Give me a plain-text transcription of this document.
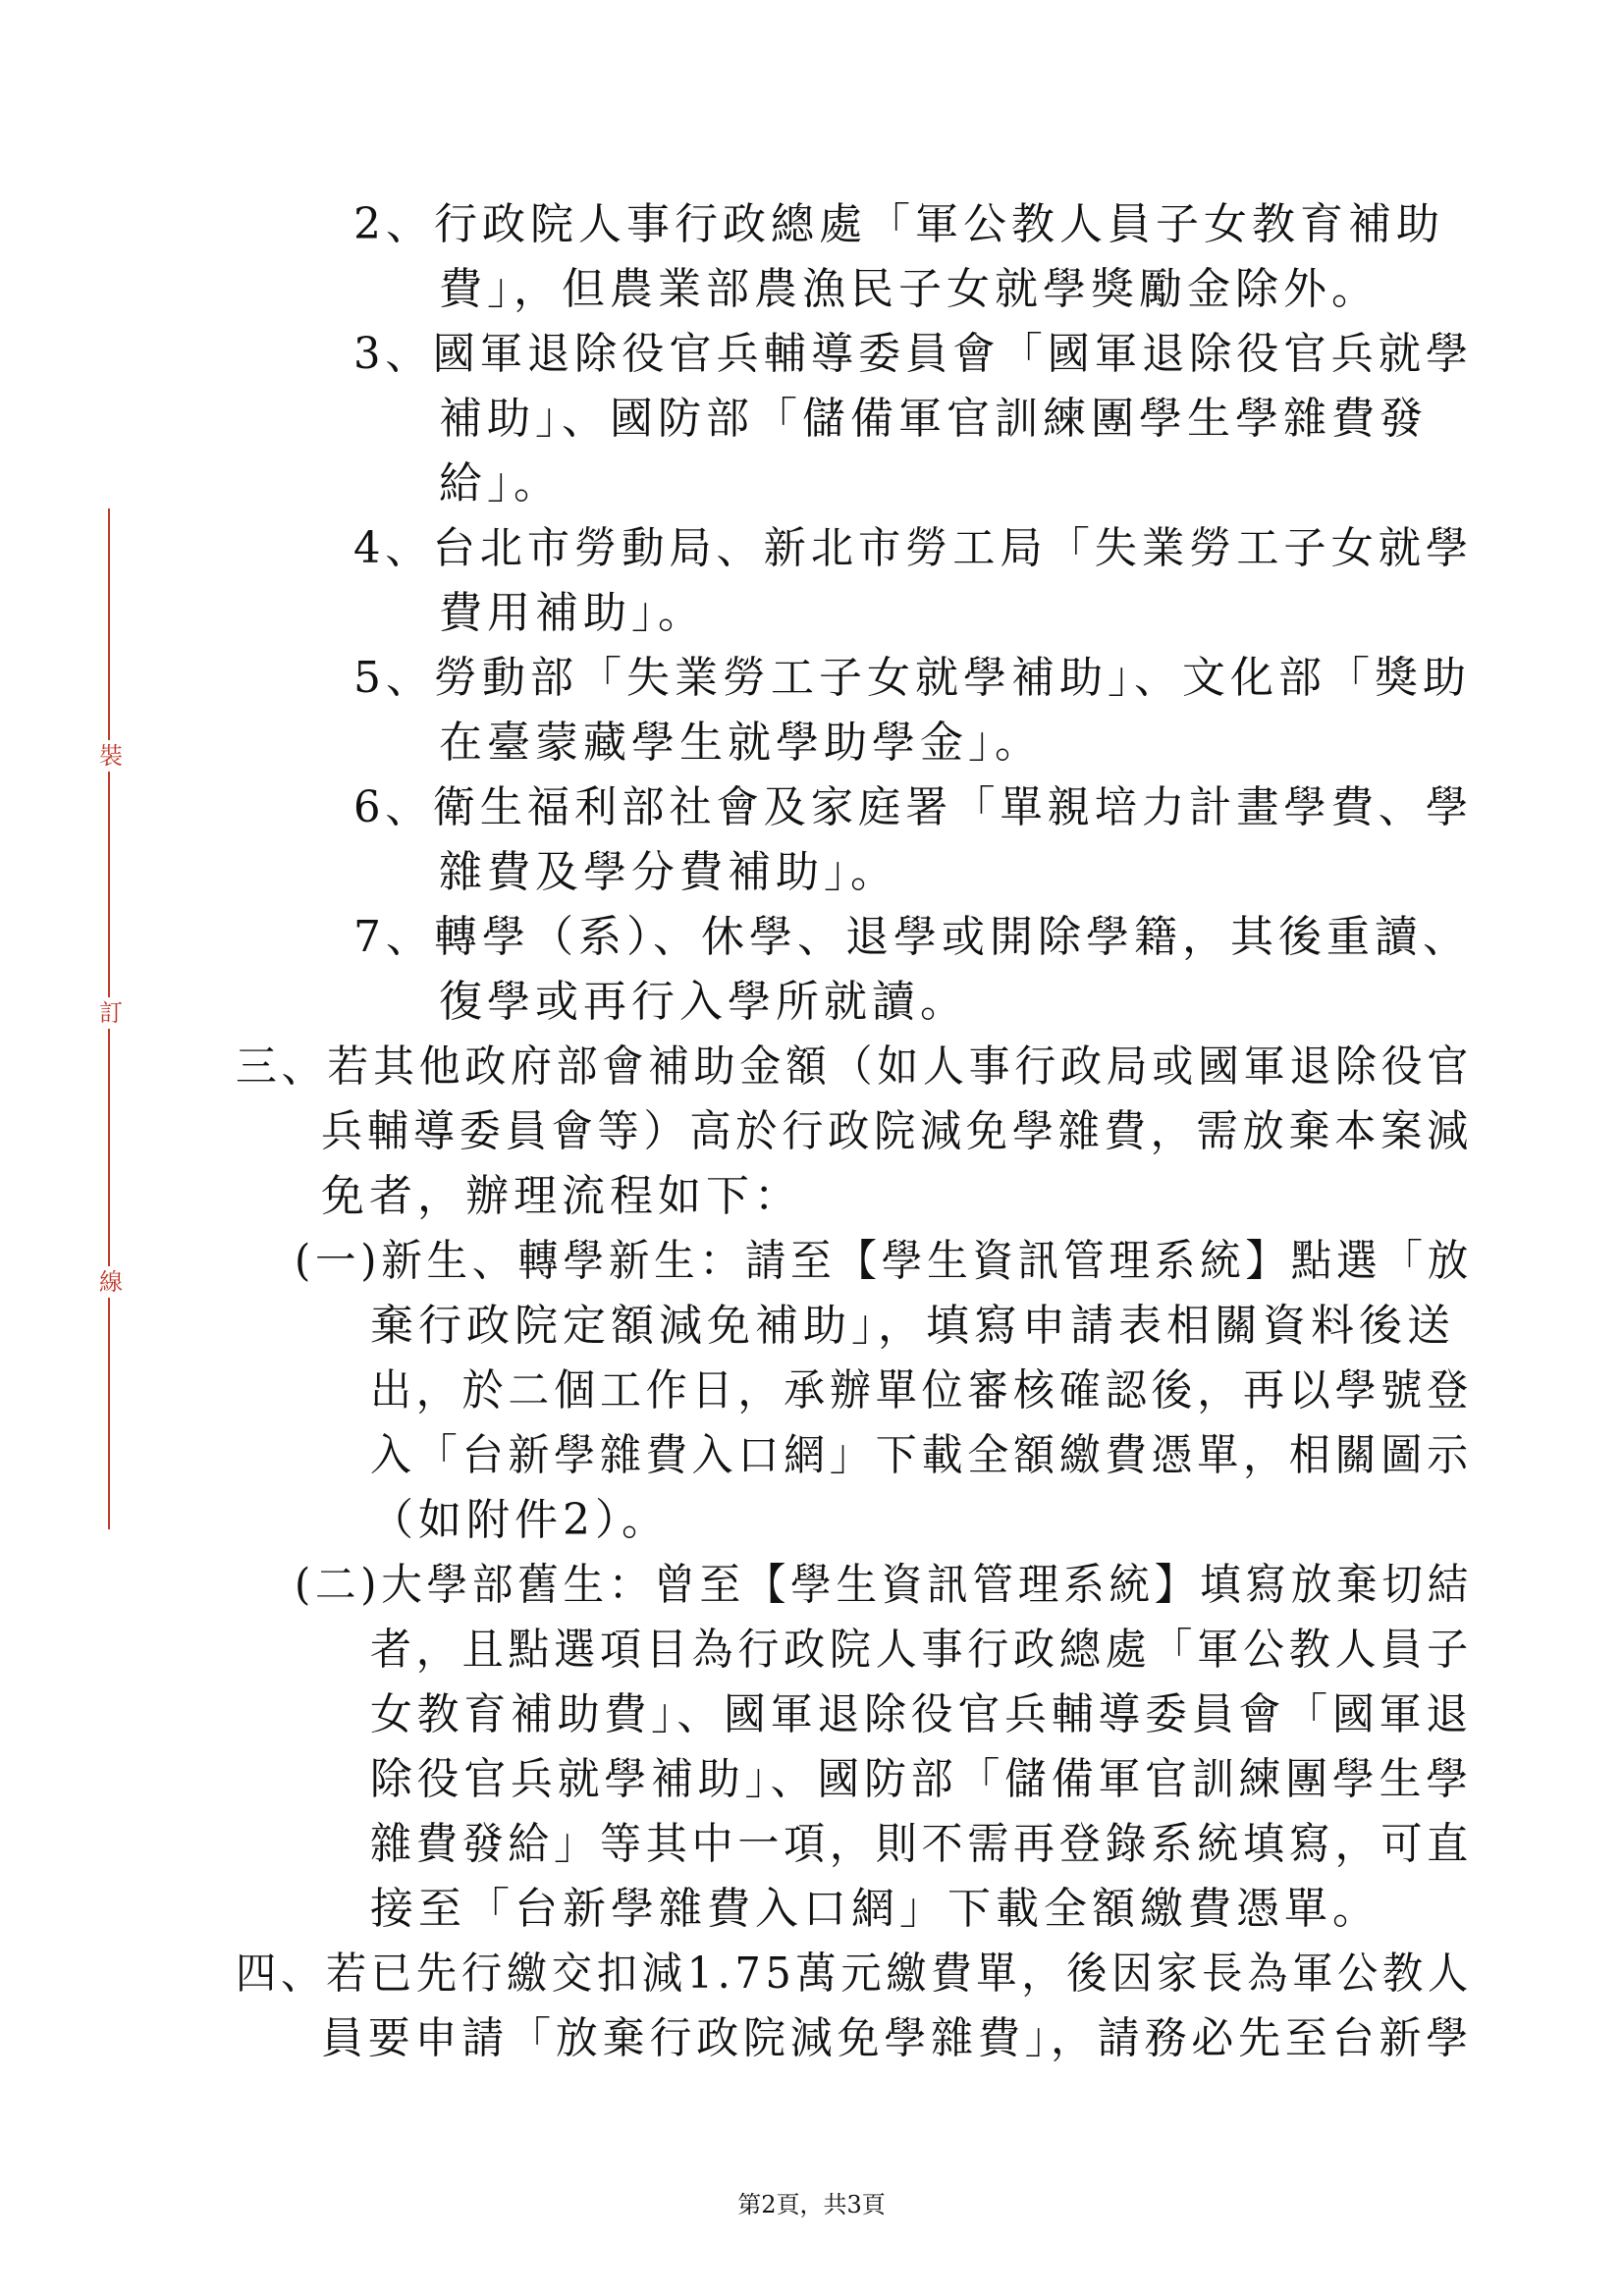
裝
訂
線
2、行政院人事行政總處「軍公教人員子女教育補助
費」，但農業部農漁民子女就學獎勵金除外。
3、國軍退除役官兵輔導委員會「國軍退除役官兵就學
補助」、國防部「儲備軍官訓練團學生學雜費發
給」。
4、台北市勞動局、新北市勞工局「失業勞工子女就學
費用補助」。
5、勞動部「失業勞工子女就學補助」、文化部「獎助
在臺蒙藏學生就學助學金」。
6、衛生福利部社會及家庭署「單親培力計畫學費、學
雜費及學分費補助」。
7、轉學（系）、休學、退學或開除學籍，其後重讀、
復學或再行入學所就讀。
三、若其他政府部會補助金額（如人事行政局或國軍退除役官
兵輔導委員會等）高於行政院減免學雜費，需放棄本案減
免者，辦理流程如下：
(一)新生、轉學新生：請至【學生資訊管理系統】點選「放
棄行政院定額減免補助」，填寫申請表相關資料後送
出，於二個工作日，承辦單位審核確認後，再以學號登
入「台新學雜費入口網」下載全額繳費憑單，相關圖示
（如附件2）。
(二)大學部舊生：曾至【學生資訊管理系統】填寫放棄切結
者，且點選項目為行政院人事行政總處「軍公教人員子
女教育補助費」、國軍退除役官兵輔導委員會「國軍退
除役官兵就學補助」、國防部「儲備軍官訓練團學生學
雜費發給」等其中一項，則不需再登錄系統填寫，可直
接至「台新學雜費入口網」下載全額繳費憑單。
四、若已先行繳交扣減1.75萬元繳費單，後因家長為軍公教人
員要申請「放棄行政院減免學雜費」，請務必先至台新學
第2頁，共3頁
